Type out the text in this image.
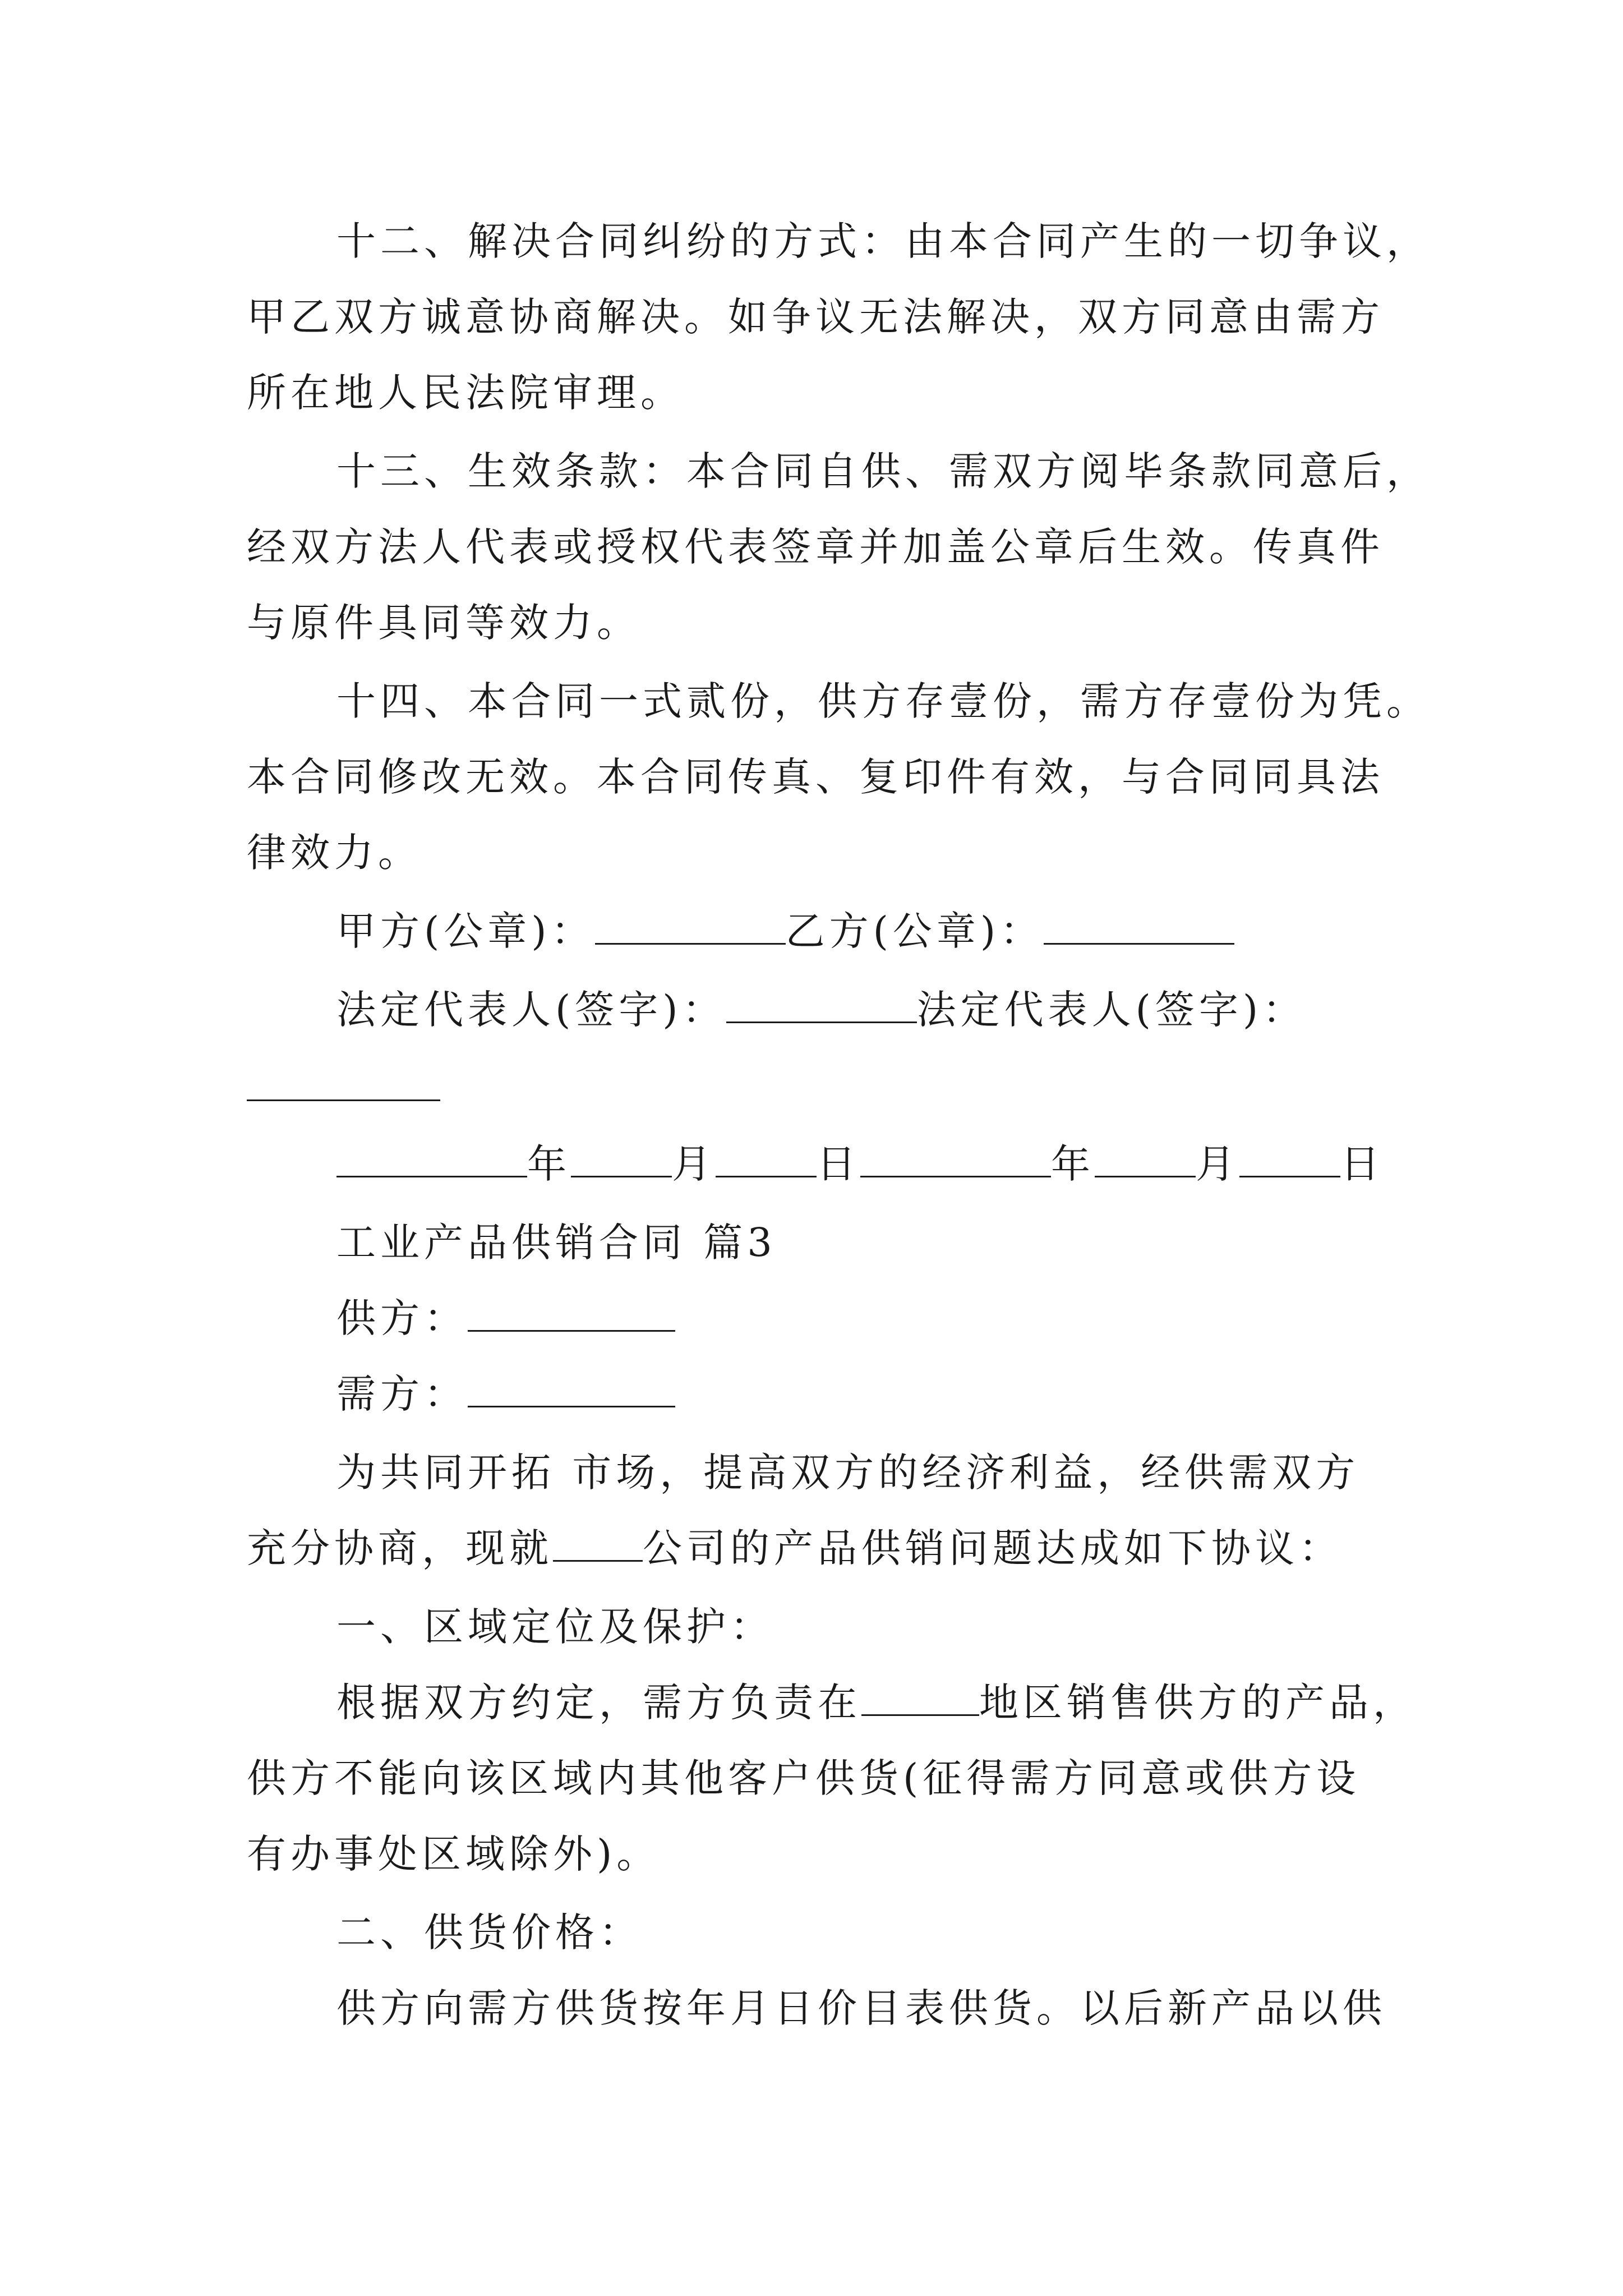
十二、解决合同纠纷的方式：由本合同产生的一切争议，
甲乙双方诚意协商解决。如争议无法解决，双方同意由需方
所在地人民法院审理。
十三、生效条款：本合同自供、需双方阅毕条款同意后，
经双方法人代表或授权代表签章并加盖公章后生效。传真件
与原件具同等效力。
十四、本合同一式贰份，供方存壹份，需方存壹份为凭。
本合同修改无效。本合同传真、复印件有效，与合同同具法
律效力。
甲方(公章)：	乙方(公章)：
法定代表人(签字)：	法定代表人(签字)：
年	月	日	年	月	日
工业产品供销合同 篇3
供方：
需方：
为共同开拓 市场，提高双方的经济利益，经供需双方
充分协商，现就 公司的产品供销问题达成如下协议：
一、区域定位及保护：
根据双方约定，需方负责在	地区销售供方的产品，
供方不能向该区域内其他客户供货(征得需方同意或供方设
有办事处区域除外)。
二、供货价格：
供方向需方供货按年月日价目表供货。以后新产品以供
